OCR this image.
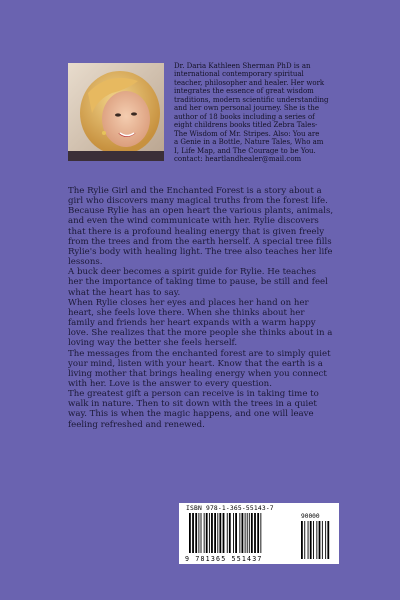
Dr. Daria Kathleen Sherman PhD is an

international contemporary spiritual

teacher, philosopher and healer. Her work

integrates the essence of great wisdom

traditions, modern scientific understanding

and her own personal journey. She is the

author of 18 books including a series of

eight childrens books titled Zebra Tales-

The Wisdom of Mr. Stripes. Also: You are

a Genie in a Bottle, Nature Tales, Who am

I, Life Map, and The Courage to be You.

contact: heartlandhealer@mail.com

The Rylie Girl and the Enchanted Forest is a story about a

girl who discovers many magical truths from the forest life.

Because Rylie has an open heart the various plants, animals,

and even the wind communicate with her. Rylie discovers

that there is a profound healing energy that is given freely

from the trees and from the earth herself. A special tree fills

Rylie's body with healing light. The tree also teaches her life

lessons.

A buck deer becomes a spirit guide for Rylie. He teaches

her the importance of taking time to pause, be still and feel

what the heart has to say.

When Rylie closes her eyes and places her hand on her

heart, she feels love there. When she thinks about her

family and friends her heart expands with a warm happy

love. She realizes that the more people she thinks about in a

loving way the better she feels herself.

The messages from the enchanted forest are to simply quiet

your mind, listen with your heart. Know that the earth is a

living mother that brings healing energy when you connect

with her. Love is the answer to every question.

The greatest gift a person can receive is in taking time to

walk in nature. Then to sit down with the trees in a quiet

way. This is when the magic happens, and one will leave

feeling refreshed and renewed.

ISBN 978-1-365-55143-7
90000
9 781365 551437
